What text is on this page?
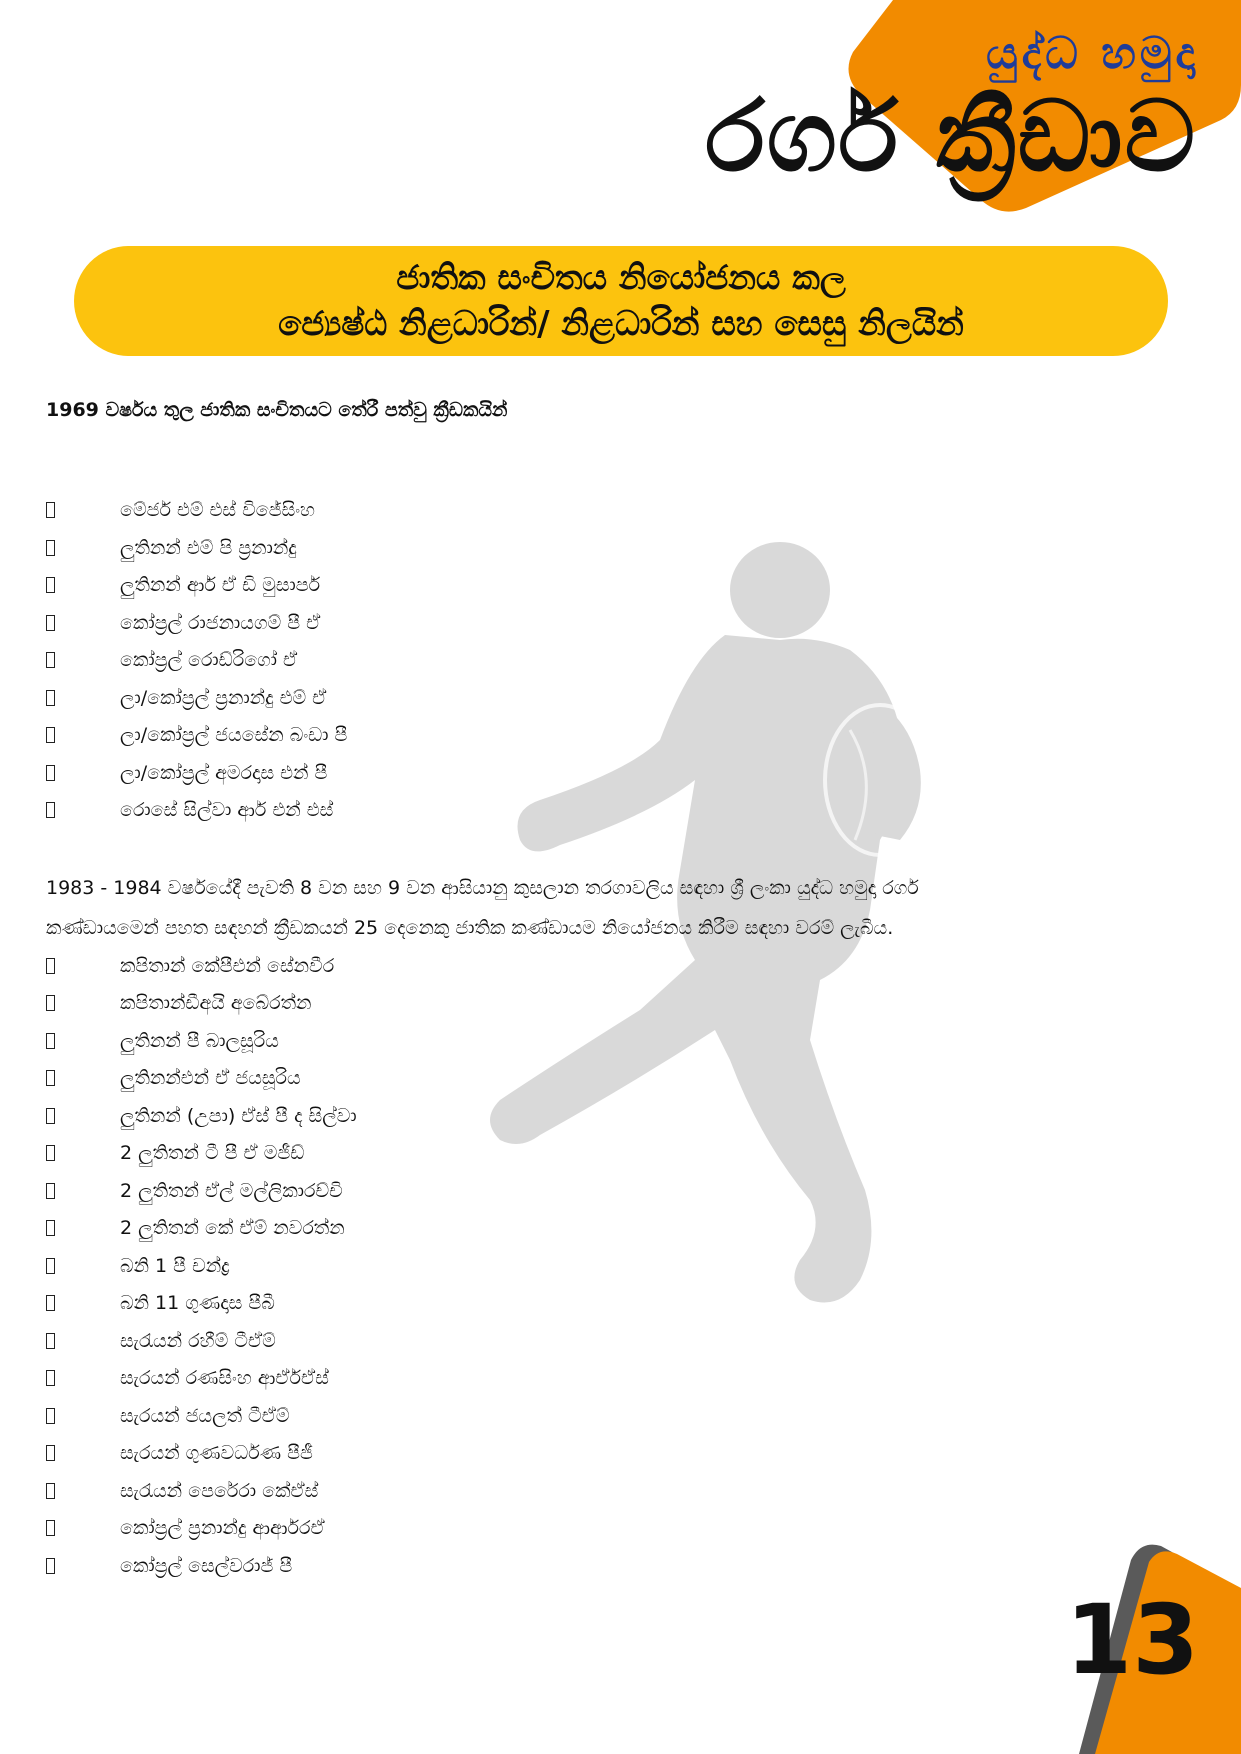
යුද්ධ හමුදා
රගර් ක්‍රීඩාව
ජාතික සංචිතය නියෝජනය කල
ජ්‍යෙෂ්ඨ නිළධාරින්/ නිළධාරින් සහ සෙසු නිලයින්

1969 වර්ෂය තුල ජාතික සංචිතයට තේරී පත්වු ක්‍රීඩකයින්

මේජර් එම් එස් විජේසිංහ
ලුතිනන් එම් පි ප්‍රනාන්දු
ලුතිනන් ආර් ඒ ඩි මුසාපර්
කෝප්‍රල් රාජනායගම් පී ඒ
කෝප්‍රල් රොඩ්රිගෝ ඒ
ලා/කෝප්‍රල් ප්‍රනාන්දු එම් ඒ
ලා/කෝප්‍රල් ජයසේන බංඩා පී
ලා/කෝප්‍රල් අමරදාස එන් පී
රොසේ සිල්වා ආර් එන් එස්

1983 - 1984 වර්ෂයේදී පැවති 8 වන සහ 9 වන ආසියානු කුසලාන තරගාවලිය සඳහා ශ්‍රී ලංකා යුද්ධ හමුදා රගර්
කණ්ඩායමෙන් පහත සඳහන් ක්‍රීඩකයන් 25 දෙනෙකු ජාතික කණ්ඩායම නියෝජනය කිරීම සඳහා වරම් ලැබීය.

කපිතාන් කේපීඑන් සේනවීර
කපිතාන්ඩීඅයි අබේරත්න
ලුතිනන් පී බාලසූරිය
ලුතිනන්එන් ඒ ජයසූරිය
ලුතිනන් (උපා) ඒස් පී ද සිල්වා
2 ලුතිතන් ටී පී ඒ මජීඩ්
2 ලුතිතන් ඒල් මල්ලිකාරච්චි
2 ලුතිතන් කේ ඒම් නවරත්න
බනි 1 පී චන්ද්‍ර
බනි 11 ගුණදාස පීබී
සැරැයන් රහීම් ටීඒම්
සැරයන් රණසිංහ ආර්ඒඒස්
සැරයන් ජයලත් ටීඒම්
සැරයන් ගුණවර්ධණ පීජී
සැරැයන් පෙරේරා කේඒස්
කෝප්‍රල් ප්‍රනාන්දු ආර්ආරඒ
කෝප්‍රල් සෙල්වරාජ් පී
13
